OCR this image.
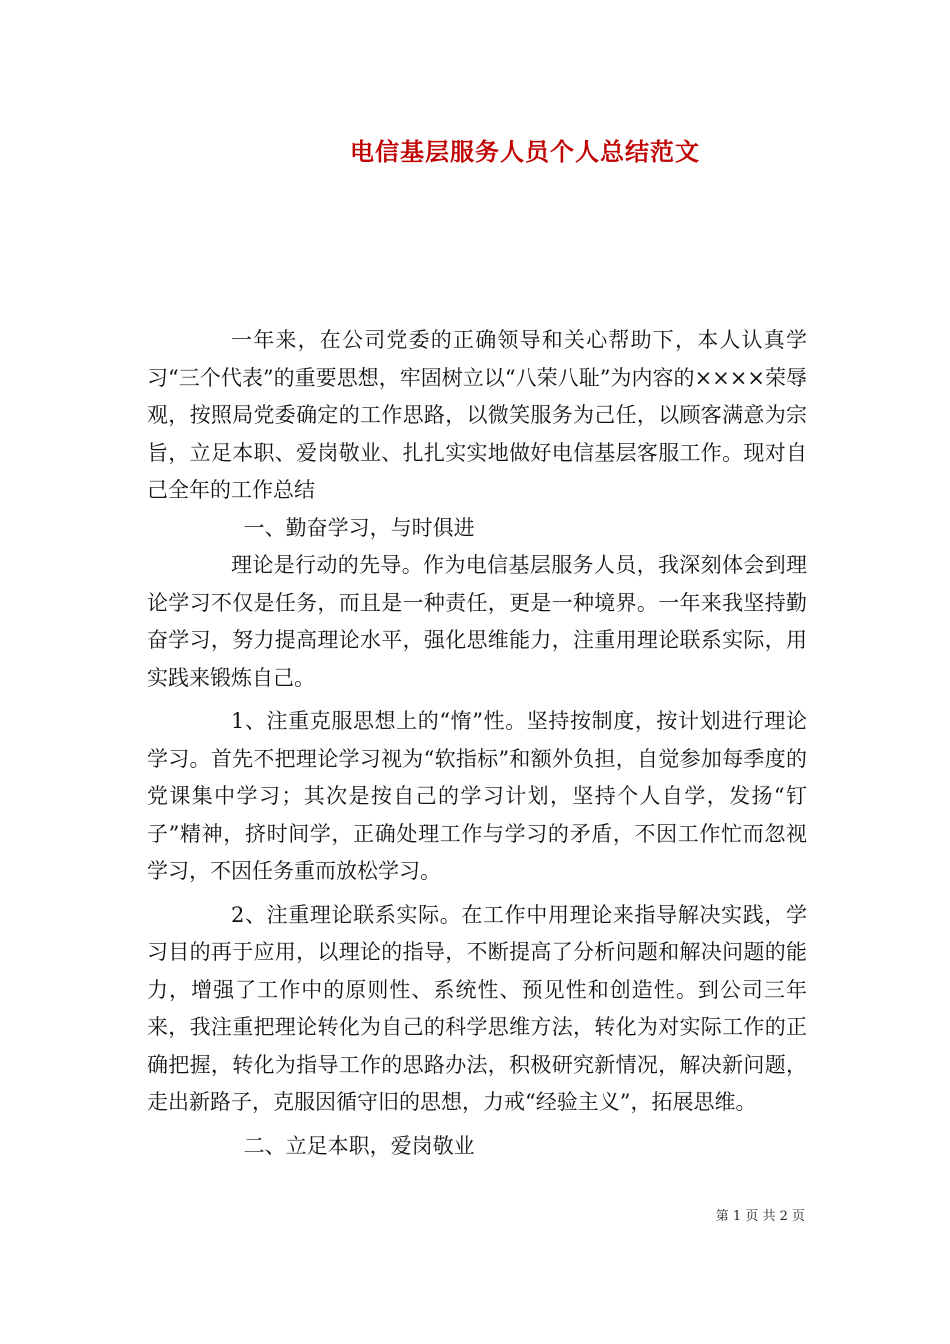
电信基层服务人员个人总结范文

一年来，在公司党委的正确领导和关心帮助下，本人认真学习“三个代表”的重要思想，牢固树立以“八荣八耻”为内容的××××荣辱观，按照局党委确定的工作思路，以微笑服务为己任，以顾客满意为宗旨，立足本职、爱岗敬业、扎扎实实地做好电信基层客服工作。现对自己全年的工作总结

一、勤奋学习，与时俱进

理论是行动的先导。作为电信基层服务人员，我深刻体会到理论学习不仅是任务，而且是一种责任，更是一种境界。一年来我坚持勤奋学习，努力提高理论水平，强化思维能力，注重用理论联系实际，用实践来锻炼自己。

1、注重克服思想上的“惰”性。坚持按制度，按计划进行理论学习。首先不把理论学习视为“软指标”和额外负担，自觉参加每季度的党课集中学习；其次是按自己的学习计划，坚持个人自学，发扬“钉子”精神，挤时间学，正确处理工作与学习的矛盾，不因工作忙而忽视学习，不因任务重而放松学习。

2、注重理论联系实际。在工作中用理论来指导解决实践，学习目的再于应用，以理论的指导，不断提高了分析问题和解决问题的能力，增强了工作中的原则性、系统性、预见性和创造性。到公司三年来，我注重把理论转化为自己的科学思维方法，转化为对实际工作的正确把握，转化为指导工作的思路办法，积极研究新情况，解决新问题，走出新路子，克服因循守旧的思想，力戒“经验主义”，拓展思维。

二、立足本职，爱岗敬业

第 1 页 共 2 页
